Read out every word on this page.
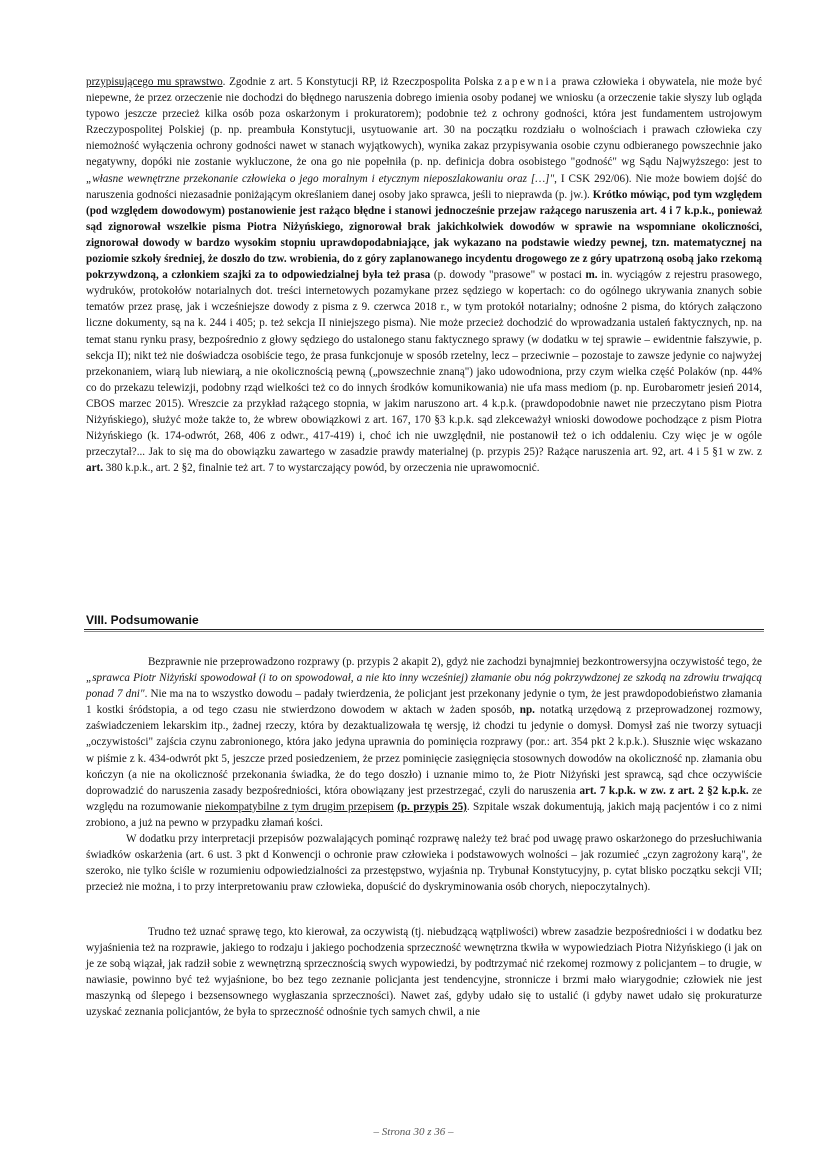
przypisującego mu sprawstwo. Zgodnie z art. 5 Konstytucji RP, iż Rzeczpospolita Polska zapewnia prawa człowieka i obywatela, nie może być niepewne, że przez orzeczenie nie dochodzi do błędnego naruszenia dobrego imienia osoby podanej we wniosku (a orzeczenie takie słyszy lub ogląda typowo jeszcze przecież kilka osób poza oskarżonym i prokuratorem); podobnie też z ochrony godności, która jest fundamentem ustrojowym Rzeczypospolitej Polskiej (p. np. preambuła Konstytucji, usytuowanie art. 30 na początku rozdziału o wolnościach i prawach człowieka czy niemożność wyłączenia ochrony godności nawet w stanach wyjątkowych), wynika zakaz przypisywania osobie czynu odbieranego powszechnie jako negatywny, dopóki nie zostanie wykluczone, że ona go nie popełniła (p. np. definicja dobra osobistego "godność" wg Sądu Najwyższego: jest to „własne wewnętrzne przekonanie człowieka o jego moralnym i etycznym nieposzlakowaniu oraz […]", I CSK 292/06). Nie może bowiem dojść do naruszenia godności niezasadnie poniżającym określaniem danej osoby jako sprawca, jeśli to nieprawda (p. jw.). Krótko mówiąc, pod tym względem (pod względem dowodowym) postanowienie jest rażąco błędne i stanowi jednocześnie przejaw rażącego naruszenia art. 4 i 7 k.p.k., ponieważ sąd zignorował wszelkie pisma Piotra Niżyńskiego, zignorował brak jakichkolwiek dowodów w sprawie na wspomniane okoliczności, zignorował dowody w bardzo wysokim stopniu uprawdopodabniające, jak wykazano na podstawie wiedzy pewnej, tzn. matematycznej na poziomie szkoły średniej, że doszło do tzw. wrobienia, do z góry zaplanowanego incydentu drogowego ze z góry upatrzoną osobą jako rzekomą pokrzywdzoną, a członkiem szajki za to odpowiedzialnej była też prasa (p. dowody "prasowe" w postaci m. in. wyciągów z rejestru prasowego, wydruków, protokołów notarialnych dot. treści internetowych pozamykane przez sędziego w kopertach: co do ogólnego ukrywania znanych sobie tematów przez prasę, jak i wcześniejsze dowody z pisma z 9. czerwca 2018 r., w tym protokół notarialny; odnośne 2 pisma, do których załączono liczne dokumenty, są na k. 244 i 405; p. też sekcja II niniejszego pisma). Nie może przecież dochodzić do wprowadzania ustaleń faktycznych, np. na temat stanu rynku prasy, bezpośrednio z głowy sędziego do ustalonego stanu faktycznego sprawy (w dodatku w tej sprawie – ewidentnie fałszywie, p. sekcja II); nikt też nie doświadcza osobiście tego, że prasa funkcjonuje w sposób rzetelny, lecz – przeciwnie – pozostaje to zawsze jedynie co najwyżej przekonaniem, wiarą lub niewiarą, a nie okolicznością pewną („powszechnie znaną") jako udowodniona, przy czym wielka część Polaków (np. 44% co do przekazu telewizji, podobny rząd wielkości też co do innych środków komunikowania) nie ufa mass mediom (p. np. Eurobarometr jesień 2014, CBOS marzec 2015). Wreszcie za przykład rażącego stopnia, w jakim naruszono art. 4 k.p.k. (prawdopodobnie nawet nie przeczytano pism Piotra Niżyńskiego), służyć może także to, że wbrew obowiązkowi z art. 167, 170 §3 k.p.k. sąd zlekceważył wnioski dowodowe pochodzące z pism Piotra Niżyńskiego (k. 174-odwrót, 268, 406 z odwr., 417-419) i, choć ich nie uwzględnił, nie postanowił też o ich oddaleniu. Czy więc je w ogóle przeczytał?... Jak to się ma do obowiązku zawartego w zasadzie prawdy materialnej (p. przypis 25)? Rażące naruszenia art. 92, art. 4 i 5 §1 w zw. z art. 380 k.p.k., art. 2 §2, finalnie też art. 7 to wystarczający powód, by orzeczenia nie uprawomocnić.

VIII. Podsumowanie

Bezprawnie nie przeprowadzono rozprawy (p. przypis 2 akapit 2), gdyż nie zachodzi bynajmniej bezkontrowersyjna oczywistość tego, że „sprawca Piotr Niżyński spowodował (i to on spowodował, a nie kto inny wcześniej) złamanie obu nóg pokrzywdzonej ze szkodą na zdrowiu trwającą ponad 7 dni". Nie ma na to wszystko dowodu – padały twierdzenia, że policjant jest przekonany jedynie o tym, że jest prawdopodobieństwo złamania 1 kostki śródstopia, a od tego czasu nie stwierdzono dowodem w aktach w żaden sposób, np. notatką urzędową z przeprowadzonej rozmowy, zaświadczeniem lekarskim itp., żadnej rzeczy, która by dezaktualizowała tę wersję, iż chodzi tu jedynie o domysł. Domysł zaś nie tworzy sytuacji „oczywistości" zajścia czynu zabronionego, która jako jedyna uprawnia do pominięcia rozprawy (por.: art. 354 pkt 2 k.p.k.). Słusznie więc wskazano w piśmie z k. 434-odwrót pkt 5, jeszcze przed posiedzeniem, że przez pominięcie zasięgnięcia stosownych dowodów na okoliczność np. złamania obu kończyn (a nie na okoliczność przekonania świadka, że do tego doszło) i uznanie mimo to, że Piotr Niżyński jest sprawcą, sąd chce oczywiście doprowadzić do naruszenia zasady bezpośredniości, która obowiązany jest przestrzegać, czyli do naruszenia art. 7 k.p.k. w zw. z art. 2 §2 k.p.k. ze względu na rozumowanie niekompatybilne z tym drugim przepisem (p. przypis 25). Szpitale wszak dokumentują, jakich mają pacjentów i co z nimi zrobiono, a już na pewno w przypadku złamań kości.

W dodatku przy interpretacji przepisów pozwalających pominąć rozprawę należy też brać pod uwagę prawo oskarżonego do przesłuchiwania świadków oskarżenia (art. 6 ust. 3 pkt d Konwencji o ochronie praw człowieka i podstawowych wolności – jak rozumieć „czyn zagrożony karą", że szeroko, nie tylko ściśle w rozumieniu odpowiedzialności za przestępstwo, wyjaśnia np. Trybunał Konstytucyjny, p. cytat blisko początku sekcji VII; przecież nie można, i to przy interpretowaniu praw człowieka, dopuścić do dyskryminowania osób chorych, niepoczytalnych).

Trudno też uznać sprawę tego, kto kierował, za oczywistą (tj. niebudzącą wątpliwości) wbrew zasadzie bezpośredniości i w dodatku bez wyjaśnienia też na rozprawie, jakiego to rodzaju i jakiego pochodzenia sprzeczność wewnętrzna tkwiła w wypowiedziach Piotra Niżyńskiego (i jak on je ze sobą wiązał, jak radził sobie z wewnętrzną sprzecznością swych wypowiedzi, by podtrzymać nić rzekomej rozmowy z policjantem – to drugie, w nawiasie, powinno być też wyjaśnione, bo bez tego zeznanie policjanta jest tendencyjne, stronnicze i brzmi mało wiarygodnie; człowiek nie jest maszynką od ślepego i bezsensownego wygłaszania sprzeczności). Nawet zaś, gdyby udało się to ustalić (i gdyby nawet udało się prokuraturze uzyskać zeznania policjantów, że była to sprzeczność odnośnie tych samych chwil, a nie

– Strona 30 z 36 –
